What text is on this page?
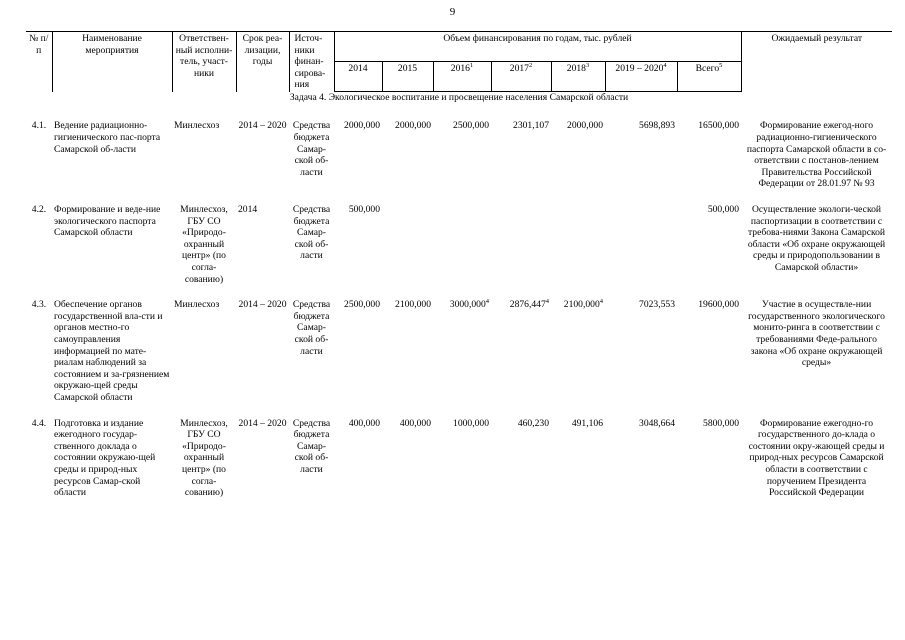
9
№ п/п	Наименование мероприятия	Ответствен-ный исполни-тель, участ-ники	Срок реа-лизации, годы	Источ-ники финан-сирова-ния	Объем финансирования по годам, тыс. рублей							Ожидаемый результат
					2014	2015	2016$^1$	2017$^2$	2018$^3$	2019 – 2020$^4$	Всего$^5$
Задача 4. Экологическое воспитание и просвещение населения Самарской области												

4.1.	Ведение радиационно-гигиенического пас-порта Самарской об-ласти	Минлесхоз	2014 – 2020	Средства бюджета Самар-ской об-ласти	2000,000	2000,000	2500,000	2301,107	2000,000	5698,893	16500,000	Формирование ежегод-ного радиационно-гигиенического паспорта Самарской области в со-ответствии с постанов-лением Правительства Российской Федерации от 28.01.97 № 93

4.2.	Формирование и веде-ние экологического паспорта Самарской области	Минлесхоз, ГБУ СО «Природо-охранный центр» (по согла-сованию)	2014	Средства бюджета Самар-ской об-ласти	500,000						500,000	Осуществление экологи-ческой паспортизации в соответствии с требова-ниями Закона Самарской области «Об охране окружающей среды и природопользовании в Самарской области»

4.3.	Обеспечение органов государственной вла-сти и органов местно-го самоуправления информацией по мате-риалам наблюдений за состоянием и за-грязнением окружаю-щей среды Самарской области	Минлесхоз	2014 – 2020	Средства бюджета Самар-ской об-ласти	2500,000	2100,000	3000,000$^4$	2876,447$^4$	2100,000$^4$	7023,553	19600,000	Участие в осуществле-нии государственного экологического монито-ринга в соответствии с требованиями Феде-рального закона «Об охране окружающей среды»

4.4.	Подготовка и издание ежегодного государ-ственного доклада о состоянии окружаю-щей среды и природ-ных ресурсов Самар-ской области	Минлесхоз, ГБУ СО «Природо-охранный центр» (по согла-сованию)	2014 – 2020	Средства бюджета Самар-ской об-ласти	400,000	400,000	1000,000	460,230	491,106	3048,664	5800,000	Формирование ежегодно-го государственного до-клада о состоянии окру-жающей среды и природ-ных ресурсов Самарской области в соответствии с поручением Президента Российской Федерации
